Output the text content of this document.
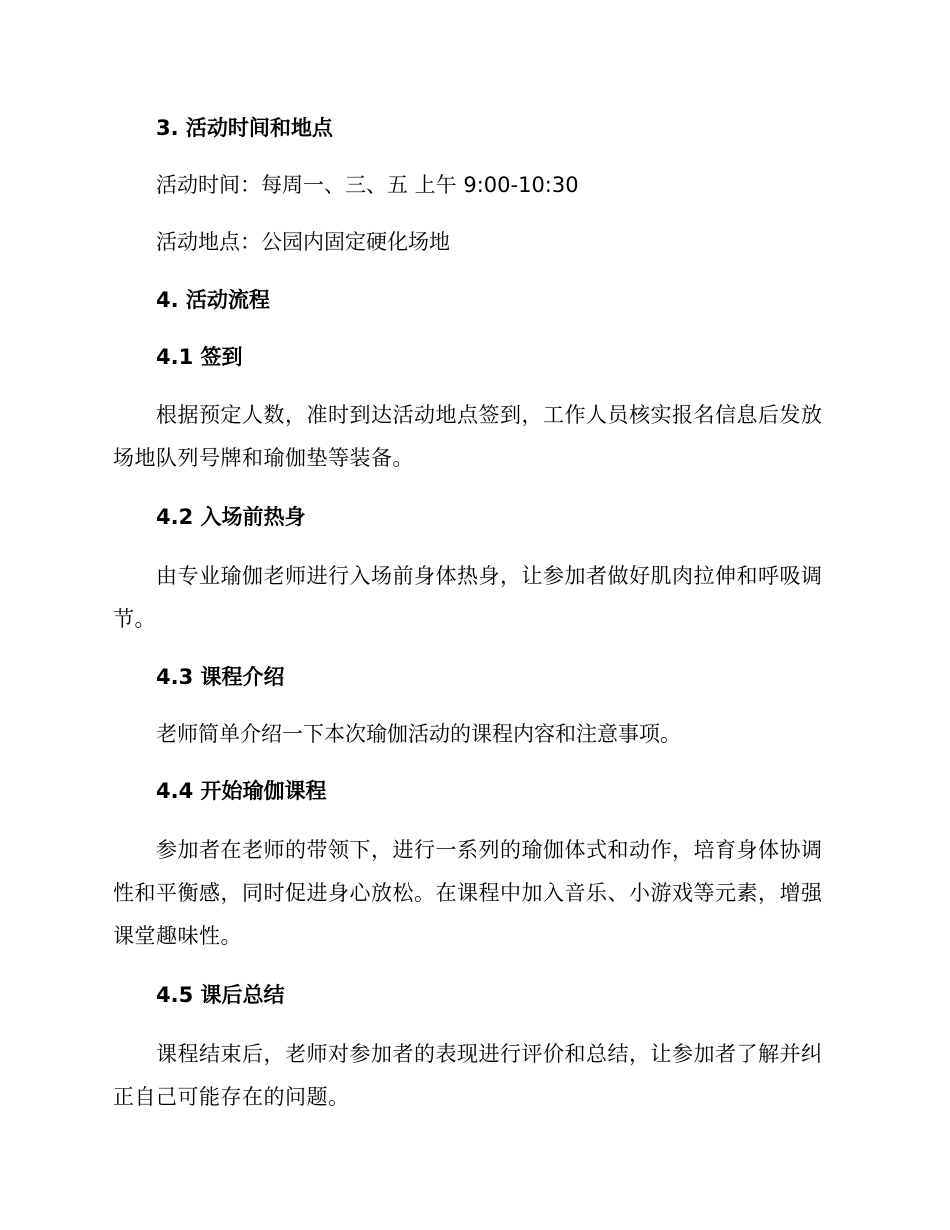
3. 活动时间和地点

活动时间：每周一、三、五 上午 9:00-10:30

活动地点：公园内固定硬化场地

4. 活动流程
4.1 签到

根据预定人数，准时到达活动地点签到，工作人员核实报名信息后发放场地队列号牌和瑜伽垫等装备。

4.2 入场前热身

由专业瑜伽老师进行入场前身体热身，让参加者做好肌肉拉伸和呼吸调节。

4.3 课程介绍

老师简单介绍一下本次瑜伽活动的课程内容和注意事项。

4.4 开始瑜伽课程

参加者在老师的带领下，进行一系列的瑜伽体式和动作，培育身体协调性和平衡感，同时促进身心放松。在课程中加入音乐、小游戏等元素，增强课堂趣味性。

4.5 课后总结

课程结束后，老师对参加者的表现进行评价和总结，让参加者了解并纠正自己可能存在的问题。
